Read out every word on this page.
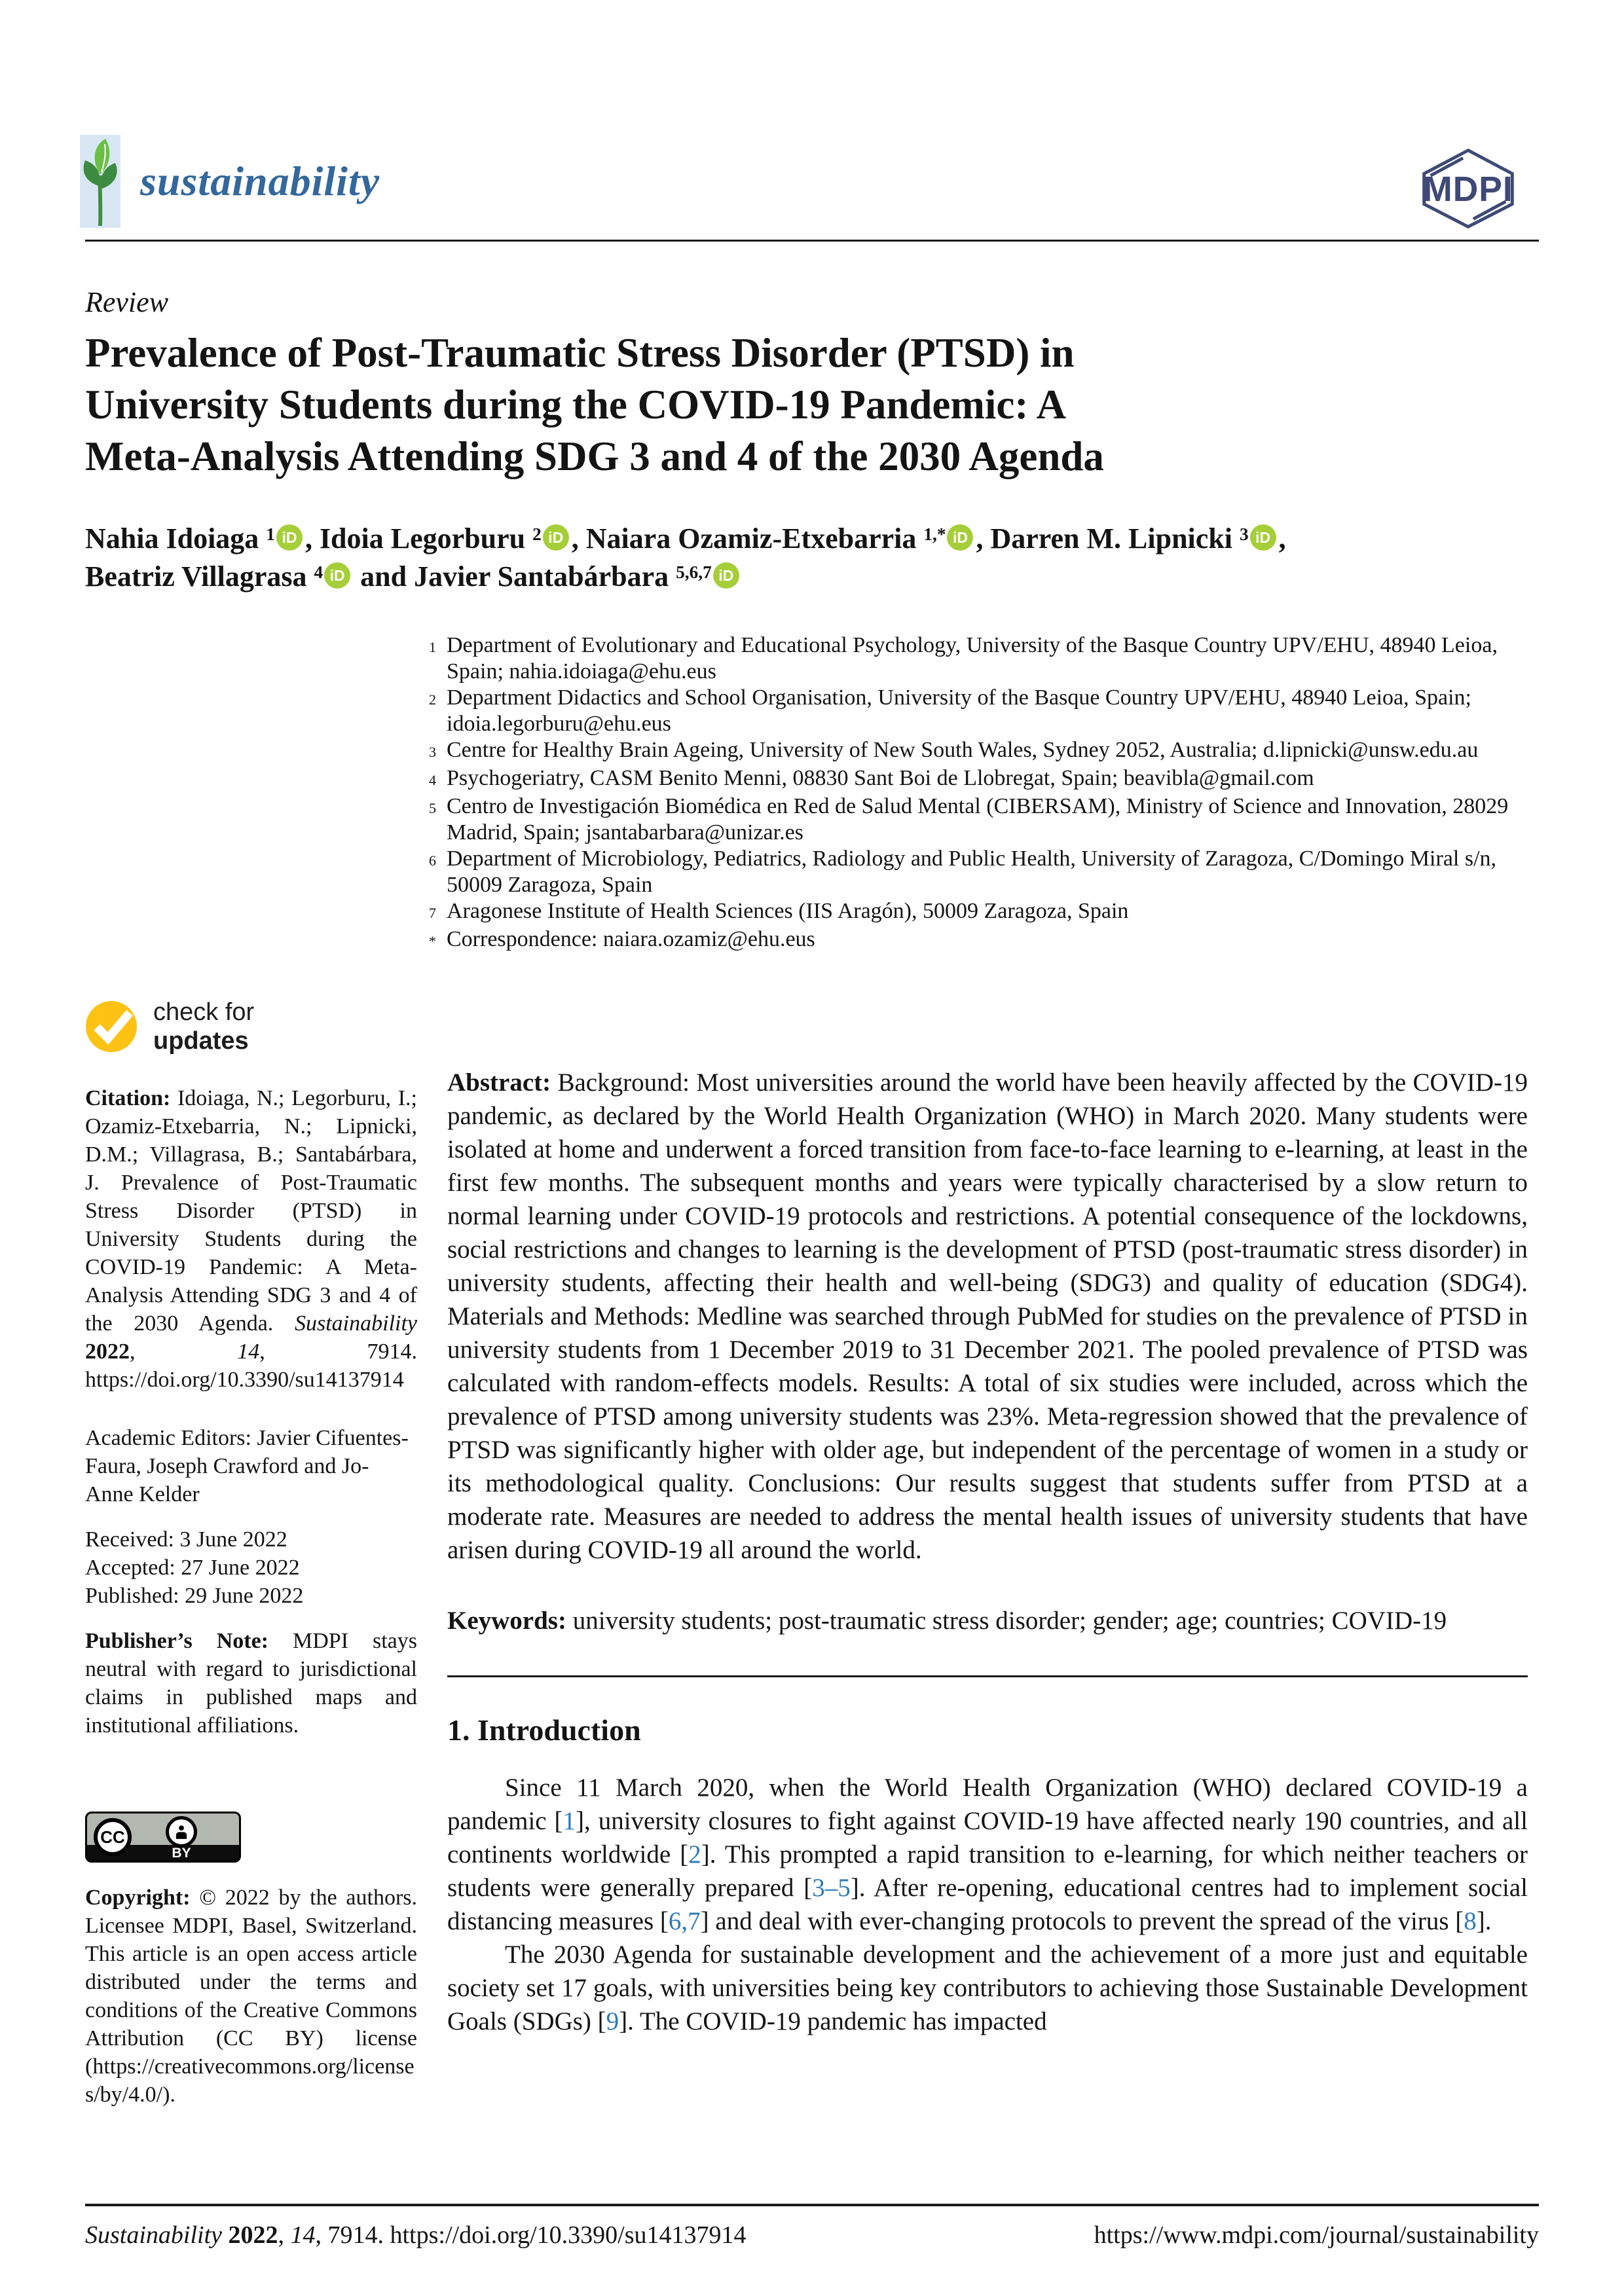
sustainability	MDPI
Review
Prevalence of Post-Traumatic Stress Disorder (PTSD) in
University Students during the COVID-19 Pandemic: A
Meta-Analysis Attending SDG 3 and 4 of the 2030 Agenda
Nahia Idoiaga $^1$ iD , Idoia Legorburu $^2$ iD , Naiara Ozamiz-Etxebarria $^{1,*}$ iD , Darren M. Lipnicki $^3$ iD ,
Beatriz Villagrasa $^4$ iD and Javier Santabárbara $^{5,6,7}$ iD
1 Department of Evolutionary and Educational Psychology, University of the Basque Country UPV/EHU, 48940 Leioa, Spain; nahia.idoiaga@ehu.eus
2 Department Didactics and School Organisation, University of the Basque Country UPV/EHU, 48940 Leioa, Spain; idoia.legorburu@ehu.eus
3 Centre for Healthy Brain Ageing, University of New South Wales, Sydney 2052, Australia; d.lipnicki@unsw.edu.au
4 Psychogeriatry, CASM Benito Menni, 08830 Sant Boi de Llobregat, Spain; beavibla@gmail.com
5 Centro de Investigación Biomédica en Red de Salud Mental (CIBERSAM), Ministry of Science and Innovation, 28029 Madrid, Spain; jsantabarbara@unizar.es
6 Department of Microbiology, Pediatrics, Radiology and Public Health, University of Zaragoza, C/Domingo Miral s/n, 50009 Zaragoza, Spain
7 Aragonese Institute of Health Sciences (IIS Aragón), 50009 Zaragoza, Spain
* Correspondence: naiara.ozamiz@ehu.eus

Abstract: Background: Most universities around the world have been heavily affected by the COVID-19 pandemic, as declared by the World Health Organization (WHO) in March 2020. Many students were isolated at home and underwent a forced transition from face-to-face learning to e-learning, at least in the first few months. The subsequent months and years were typically characterised by a slow return to normal learning under COVID-19 protocols and restrictions. A potential consequence of the lockdowns, social restrictions and changes to learning is the development of PTSD (post-traumatic stress disorder) in university students, affecting their health and well-being (SDG3) and quality of education (SDG4). Materials and Methods: Medline was searched through PubMed for studies on the prevalence of PTSD in university students from 1 December 2019 to 31 December 2021. The pooled prevalence of PTSD was calculated with random-effects models. Results: A total of six studies were included, across which the prevalence of PTSD among university students was 23%. Meta-regression showed that the prevalence of PTSD was significantly higher with older age, but independent of the percentage of women in a study or its methodological quality. Conclusions: Our results suggest that students suffer from PTSD at a moderate rate. Measures are needed to address the mental health issues of university students that have arisen during COVID-19 all around the world.

Keywords: university students; post-traumatic stress disorder; gender; age; countries; COVID-19

1. Introduction

Since 11 March 2020, when the World Health Organization (WHO) declared COVID-19 a pandemic [1], university closures to fight against COVID-19 have affected nearly 190 countries, and all continents worldwide [2]. This prompted a rapid transition to e-learning, for which neither teachers or students were generally prepared [3–5]. After re-opening, educational centres had to implement social distancing measures [6,7] and deal with ever-changing protocols to prevent the spread of the virus [8].

The 2030 Agenda for sustainable development and the achievement of a more just and equitable society set 17 goals, with universities being key contributors to achieving those Sustainable Development Goals (SDGs) [9]. The COVID-19 pandemic has impacted

check for
updates

Citation: Idoiaga, N.; Legorburu, I.; Ozamiz-Etxebarria, N.; Lipnicki, D.M.; Villagrasa, B.; Santabárbara, J. Prevalence of Post-Traumatic Stress Disorder (PTSD) in University Students during the COVID-19 Pandemic: A Meta-Analysis Attending SDG 3 and 4 of the 2030 Agenda. Sustainability 2022, 14, 7914. https://doi.org/10.3390/su14137914

Academic Editors: Javier Cifuentes-Faura, Joseph Crawford and Jo-Anne Kelder

Received: 3 June 2022
Accepted: 27 June 2022
Published: 29 June 2022

Publisher’s Note: MDPI stays neutral with regard to jurisdictional claims in published maps and institutional affiliations.

CC
BY

Copyright: © 2022 by the authors. Licensee MDPI, Basel, Switzerland. This article is an open access article distributed under the terms and conditions of the Creative Commons Attribution (CC BY) license (https://creativecommons.org/licenses/by/4.0/).

Sustainability 2022, 14, 7914. https://doi.org/10.3390/su14137914	https://www.mdpi.com/journal/sustainability
